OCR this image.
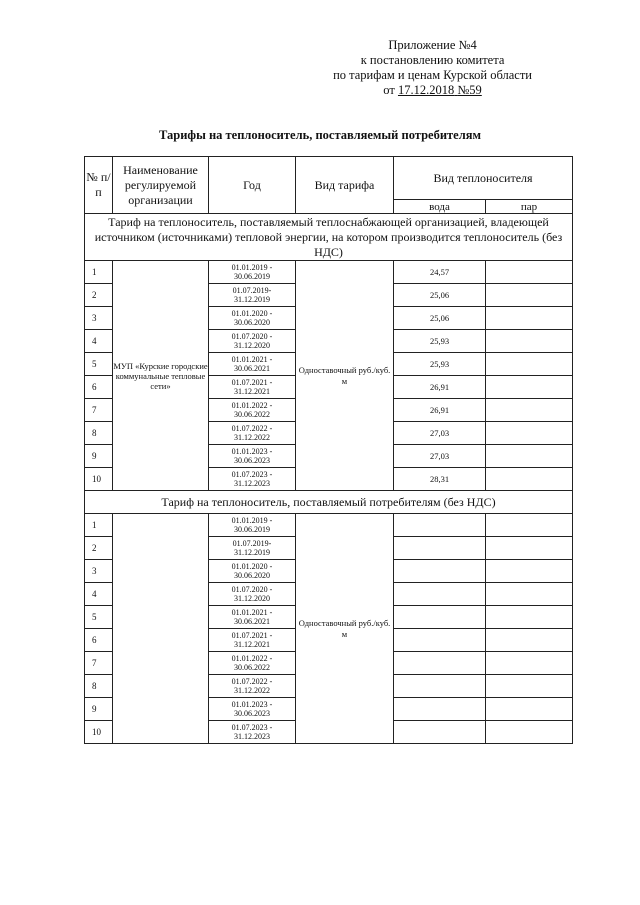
Приложение №4
к постановлению комитета
по тарифам и ценам Курской области
от 17.12.2018 №59
Тарифы на теплоноситель, поставляемый потребителям
№ п/п	Наименование регулируемой организации	Год	Вид тарифа	Вид теплоносителя	
				вода	пар
Тариф на теплоноситель, поставляемый теплоснабжающей организацией, владеющей источником (источниками) тепловой энергии, на котором производится теплоноситель (без НДС)					
1	МУП «Курские городские коммунальные тепловые сети»	01.01.2019 -
30.06.2019	Одноставочный руб./куб. м	24,57	
2		01.07.2019-
31.12.2019		25,06	
3		01.01.2020 -
30.06.2020		25,06	
4		01.07.2020 -
31.12.2020		25,93	
5		01.01.2021 -
30.06.2021		25,93	
6		01.07.2021 -
31.12.2021		26,91	
7		01.01.2022 -
30.06.2022		26,91	
8		01.07.2022 -
31.12.2022		27,03	
9		01.01.2023 -
30.06.2023		27,03	
10		01.07.2023 -
31.12.2023		28,31	
Тариф на теплоноситель, поставляемый потребителям (без НДС)					
1		01.01.2019 -
30.06.2019	Одноставочный руб./куб. м		
2		01.07.2019-
31.12.2019			

3		01.01.2020 -
30.06.2020			

4		01.07.2020 -
31.12.2020			

5		01.01.2021 -
30.06.2021			

6		01.07.2021 -
31.12.2021			

7		01.01.2022 -
30.06.2022			

8		01.07.2022 -
31.12.2022			

9		01.01.2023 -
30.06.2023			

10		01.07.2023 -
31.12.2023			
